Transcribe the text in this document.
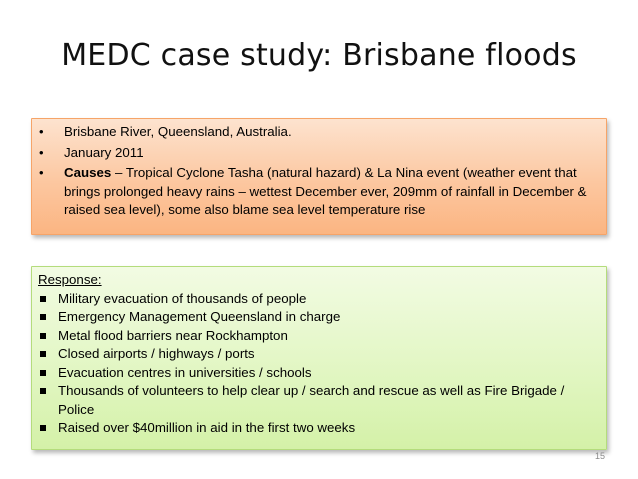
MEDC case study: Brisbane floods
• Brisbane River, Queensland, Australia.
• January 2011
• Causes – Tropical Cyclone Tasha (natural hazard) & La Nina event (weather event that brings prolonged heavy rains – wettest December ever, 209mm of rainfall in December & raised sea level), some also blame sea level temperature rise
Response:
Military evacuation of thousands of people
Emergency Management Queensland in charge
Metal flood barriers near Rockhampton
Closed airports / highways / ports
Evacuation centres in universities / schools
Thousands of volunteers to help clear up / search and rescue as well as Fire Brigade / Police
Raised over $40million in aid in the first two weeks
15
